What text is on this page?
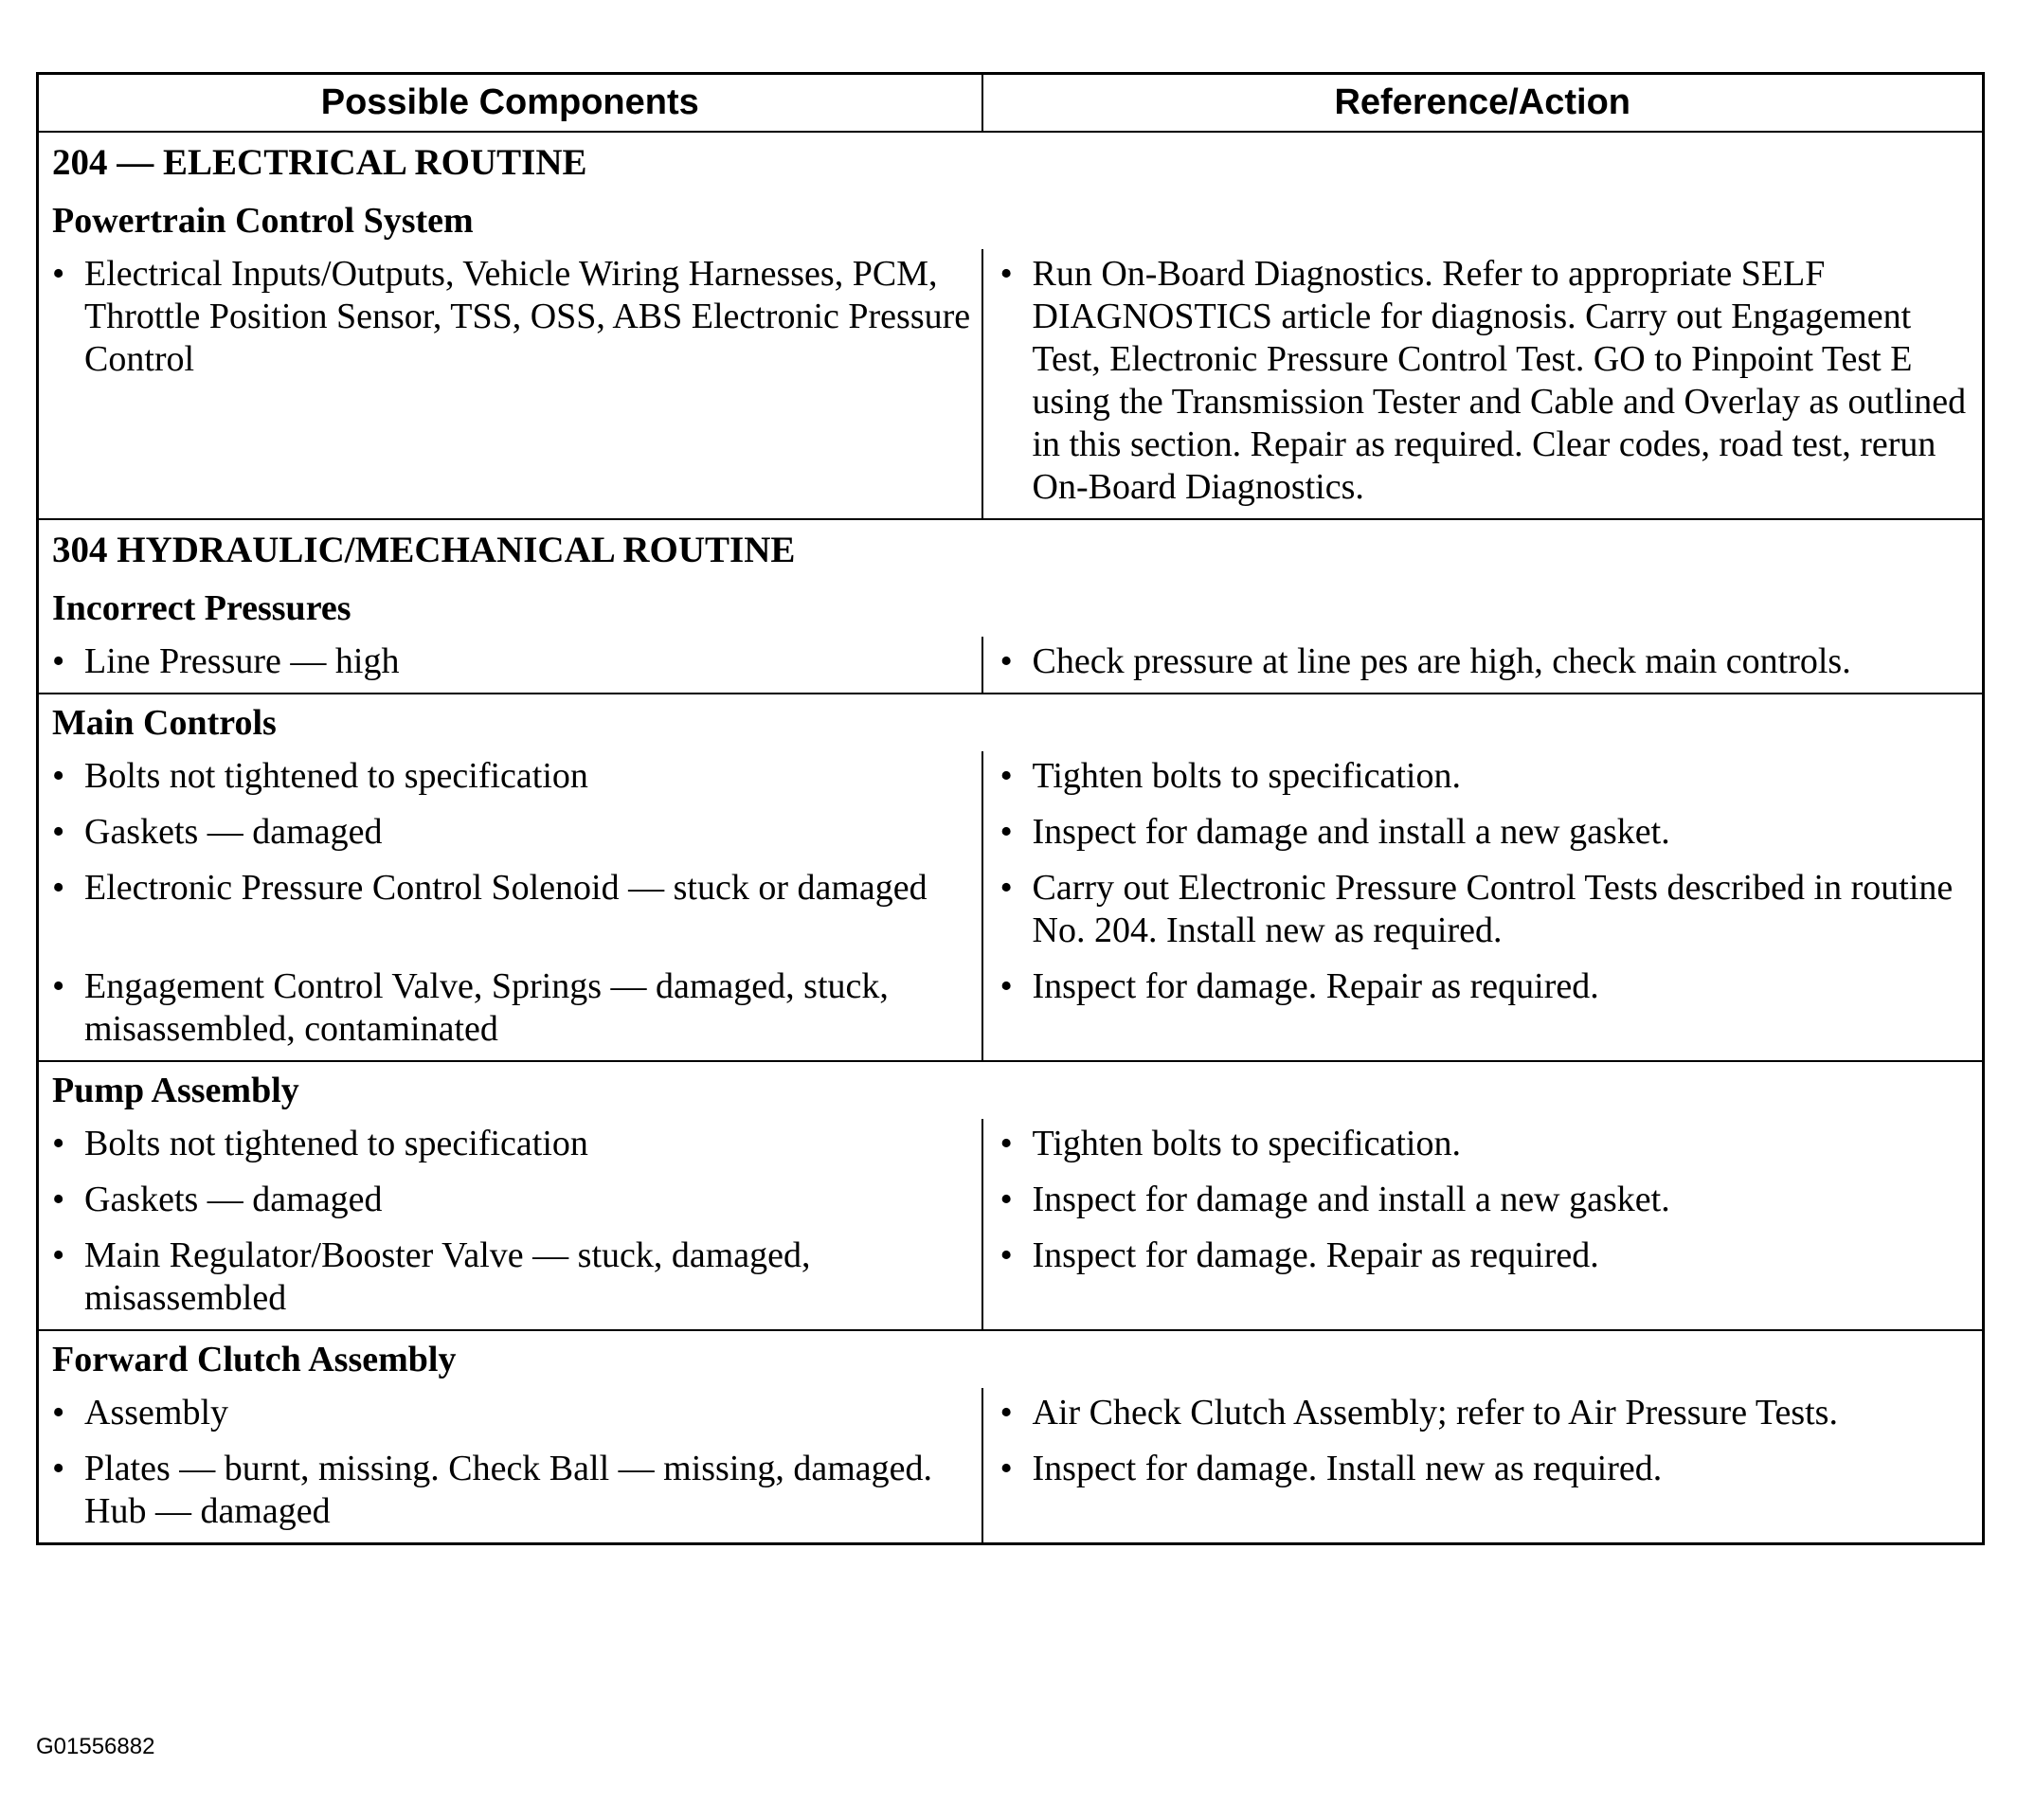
Possible Components	Reference/Action
204 — ELECTRICAL ROUTINE	
Powertrain Control System	

• Electrical Inputs/Outputs, Vehicle Wiring Harnesses, PCM, Throttle Position Sensor, TSS, OSS, ABS Electronic Pressure Control	• Run On-Board Diagnostics. Refer to appropriate SELF DIAGNOSTICS article for diagnosis. Carry out Engagement Test, Electronic Pressure Control Test. GO to Pinpoint Test E using the Transmission Tester and Cable and Overlay as outlined in this section. Repair as required. Clear codes, road test, rerun On-Board Diagnostics.

304 HYDRAULIC/MECHANICAL ROUTINE	
Incorrect Pressures	

• Line Pressure — high	• Check pressure at line pes are high, check main controls.

Main Controls	

• Bolts not tightened to specification	• Tighten bolts to specification.

• Gaskets — damaged	• Inspect for damage and install a new gasket.

• Electronic Pressure Control Solenoid — stuck or damaged	• Carry out Electronic Pressure Control Tests described in routine No. 204. Install new as required.

• Engagement Control Valve, Springs — damaged, stuck, misassembled, contaminated	• Inspect for damage. Repair as required.

Pump Assembly	

• Bolts not tightened to specification	• Tighten bolts to specification.

• Gaskets — damaged	• Inspect for damage and install a new gasket.

• Main Regulator/Booster Valve — stuck, damaged, misassembled	• Inspect for damage. Repair as required.

Forward Clutch Assembly	

• Assembly	• Air Check Clutch Assembly; refer to Air Pressure Tests.

• Plates — burnt, missing. Check Ball — missing, damaged. Hub — damaged	• Inspect for damage. Install new as required.
G01556882
